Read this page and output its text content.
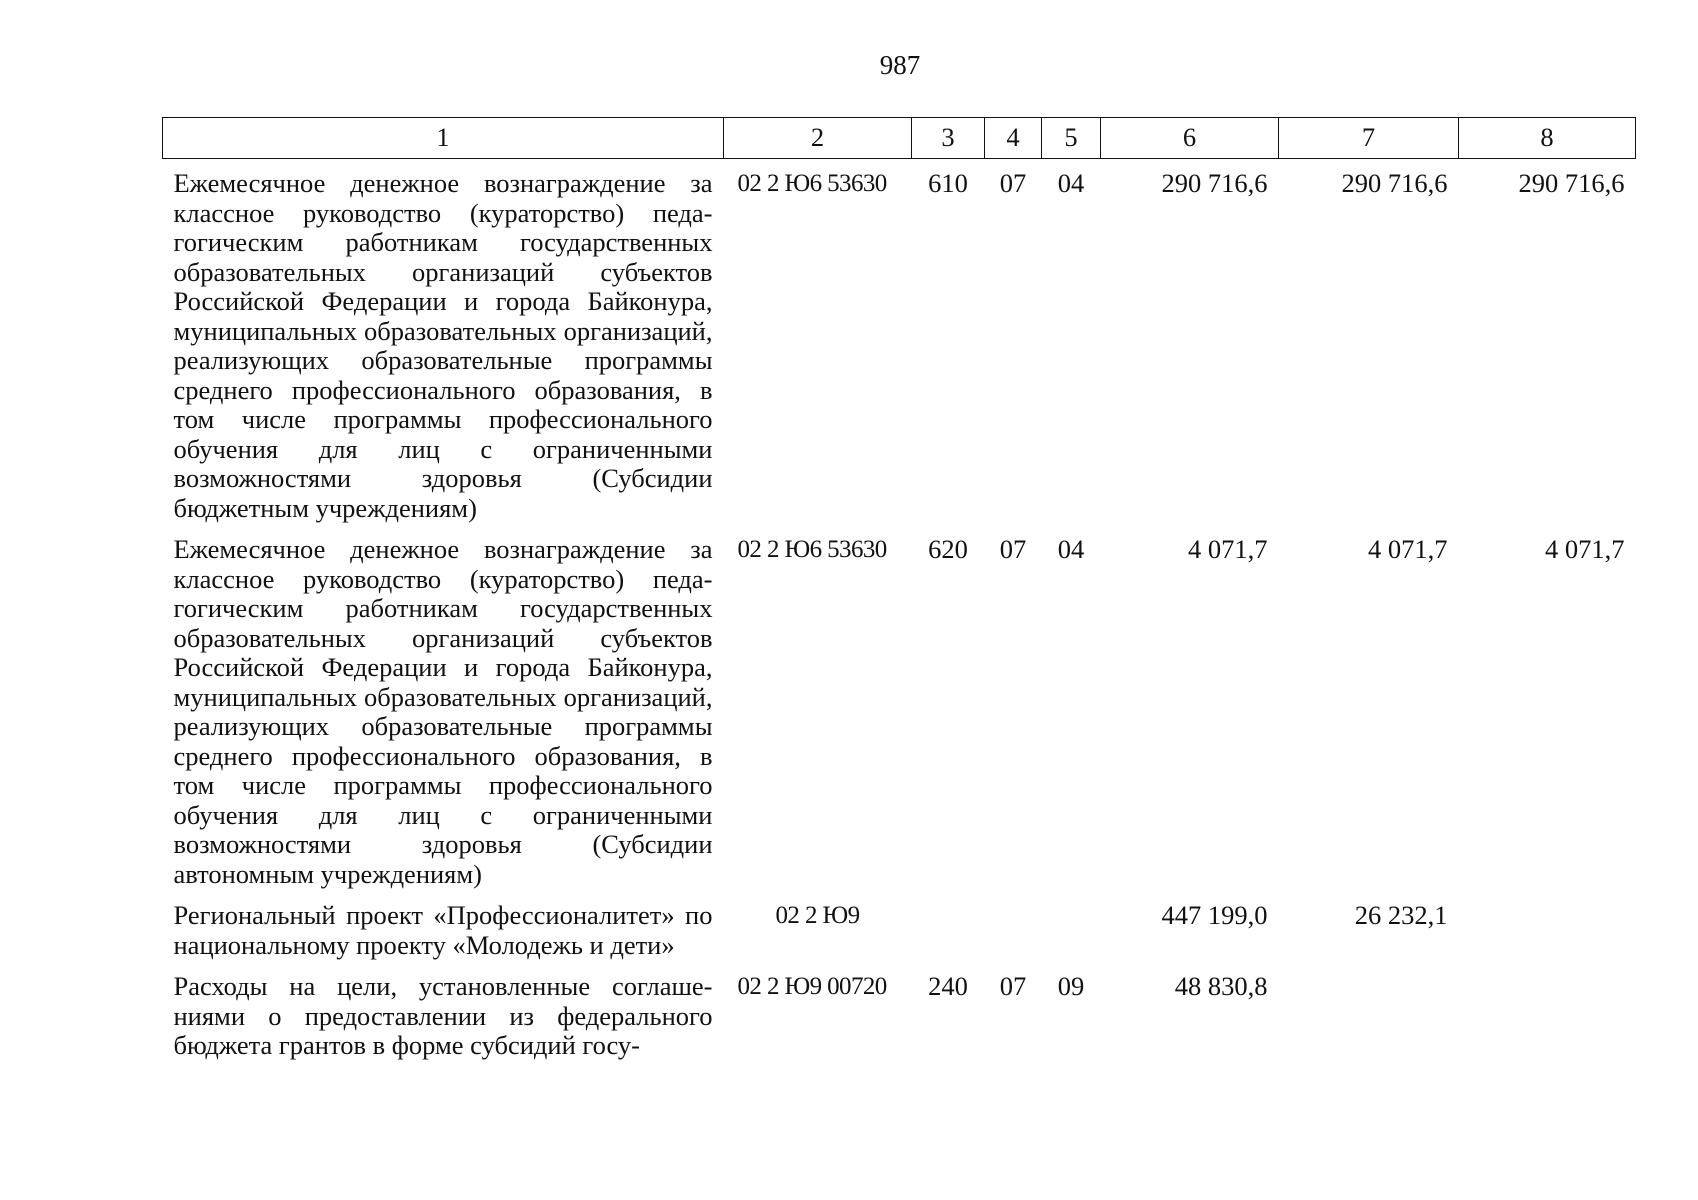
987
1	2	3	4	5	6	7	8
Ежемесячное денежное вознаграждение за классное руководство (кураторство) педагогическим работникам государственных образовательных организаций субъектов Российской Федерации и города Байконура, муниципальных образовательных организаций, реализующих образовательные программы среднего профессионального образования, в том числе программы профессионального обучения для лиц с ограниченными возможностями здоровья (Субсидии бюджетным учреждениям)	02 2 Ю6 53630	610	07	04	290 716,6	290 716,6	290 716,6
Ежемесячное денежное вознаграждение за классное руководство (кураторство) педагогическим работникам государственных образовательных организаций субъектов Российской Федерации и города Байконура, муниципальных образовательных организаций, реализующих образовательные программы среднего профессионального образования, в том числе программы профессионального обучения для лиц с ограниченными возможностями здоровья (Субсидии автономным учреждениям)	02 2 Ю6 53630	620	07	04	4 071,7	4 071,7	4 071,7
Региональный проект «Профессионалитет» по национальному проекту «Молодежь и дети»	02 2 Ю9				447 199,0	26 232,1	
Расходы на цели, установленные соглашениями о предоставлении из федерального бюджета грантов в форме субсидий госу-	02 2 Ю9 00720	240	07	09	48 830,8		
